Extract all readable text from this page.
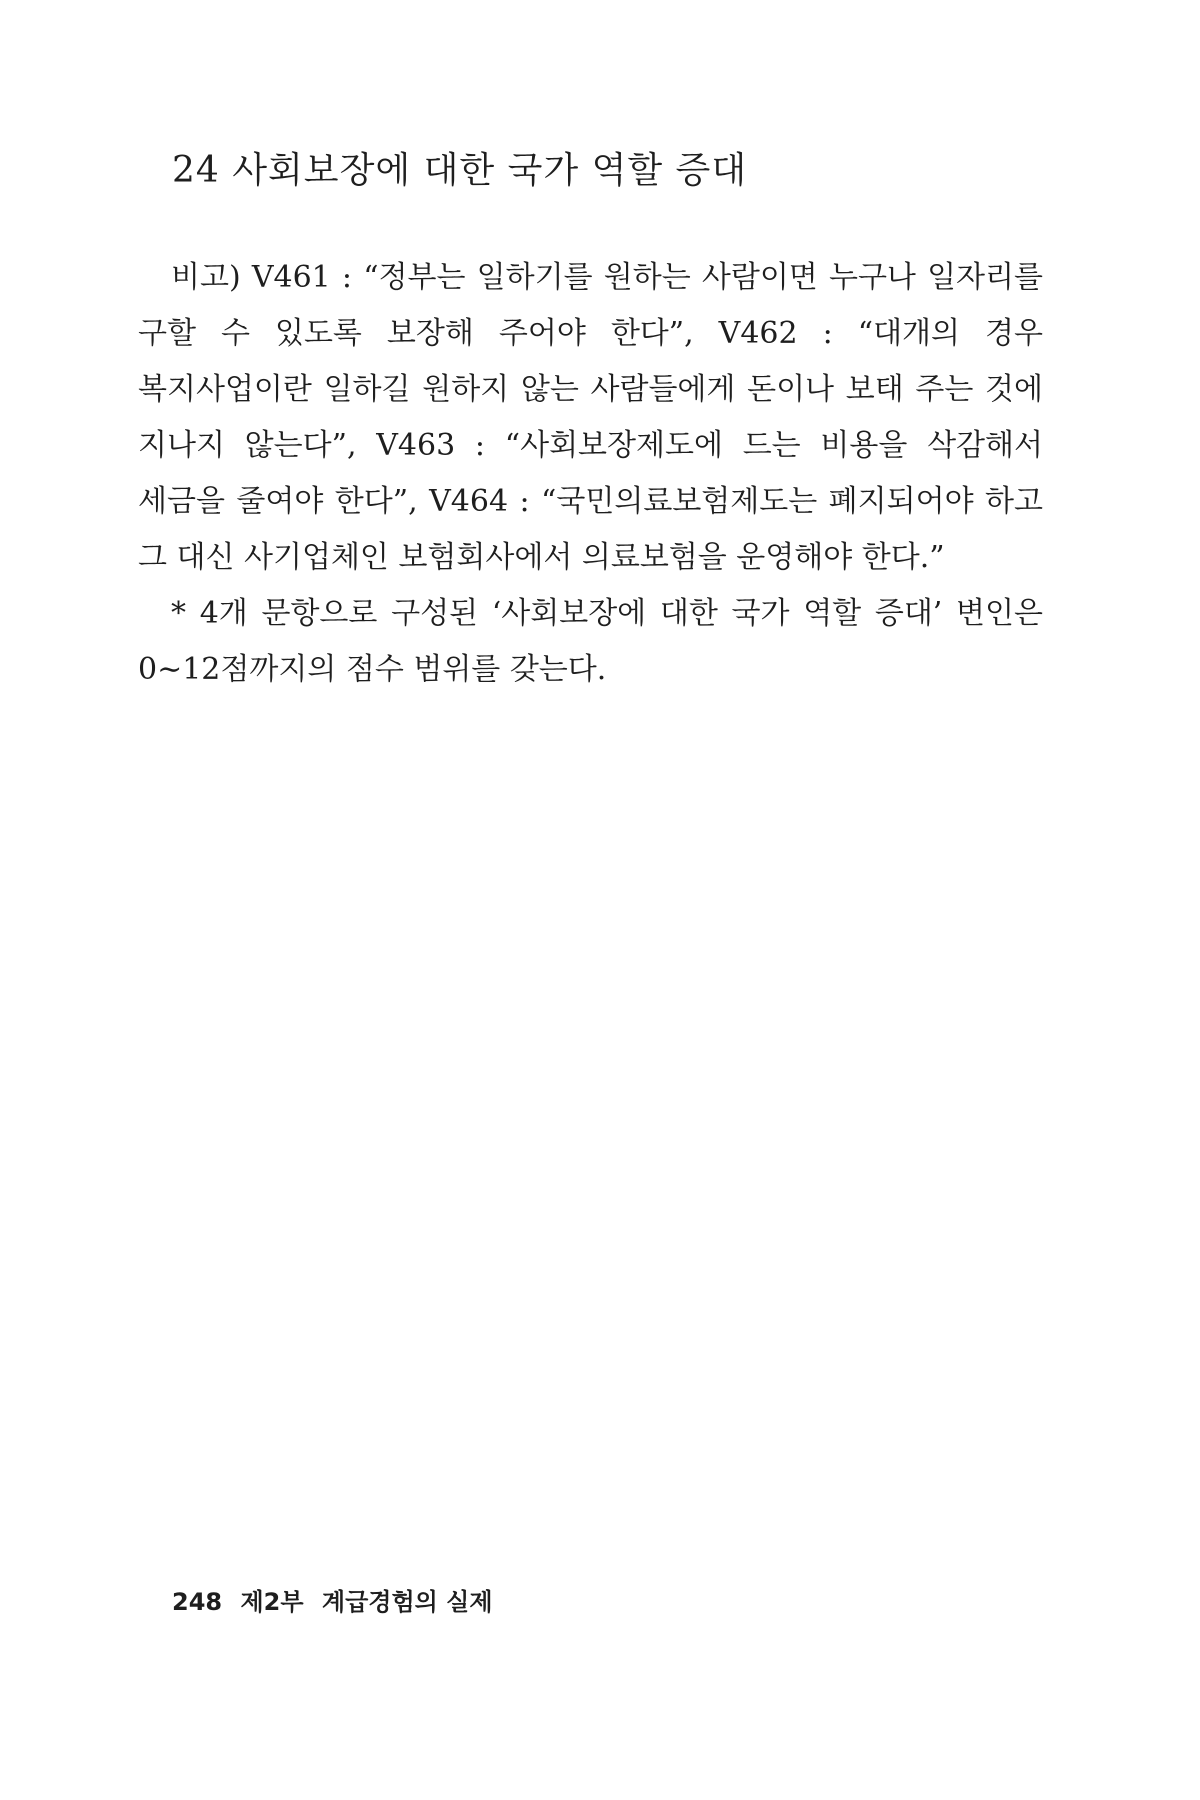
24 사회보장에 대한 국가 역할 증대

비고) V461 : “정부는 일하기를 원하는 사람이면 누구나 일자리를 구할 수 있도록 보장해 주어야 한다”, V462 : “대개의 경우 복지사업이란 일하길 원하지 않는 사람들에게 돈이나 보태 주는 것에 지나지 않는다”, V463 : “사회보장제도에 드는 비용을 삭감해서 세금을 줄여야 한다”, V464 : “국민의료보험제도는 폐지되어야 하고 그 대신 사기업체인 보험회사에서 의료보험을 운영해야 한다.”

* 4개 문항으로 구성된 ‘사회보장에 대한 국가 역할 증대’ 변인은 0∼12점까지의 점수 범위를 갖는다.

248 제2부 계급경험의 실제
